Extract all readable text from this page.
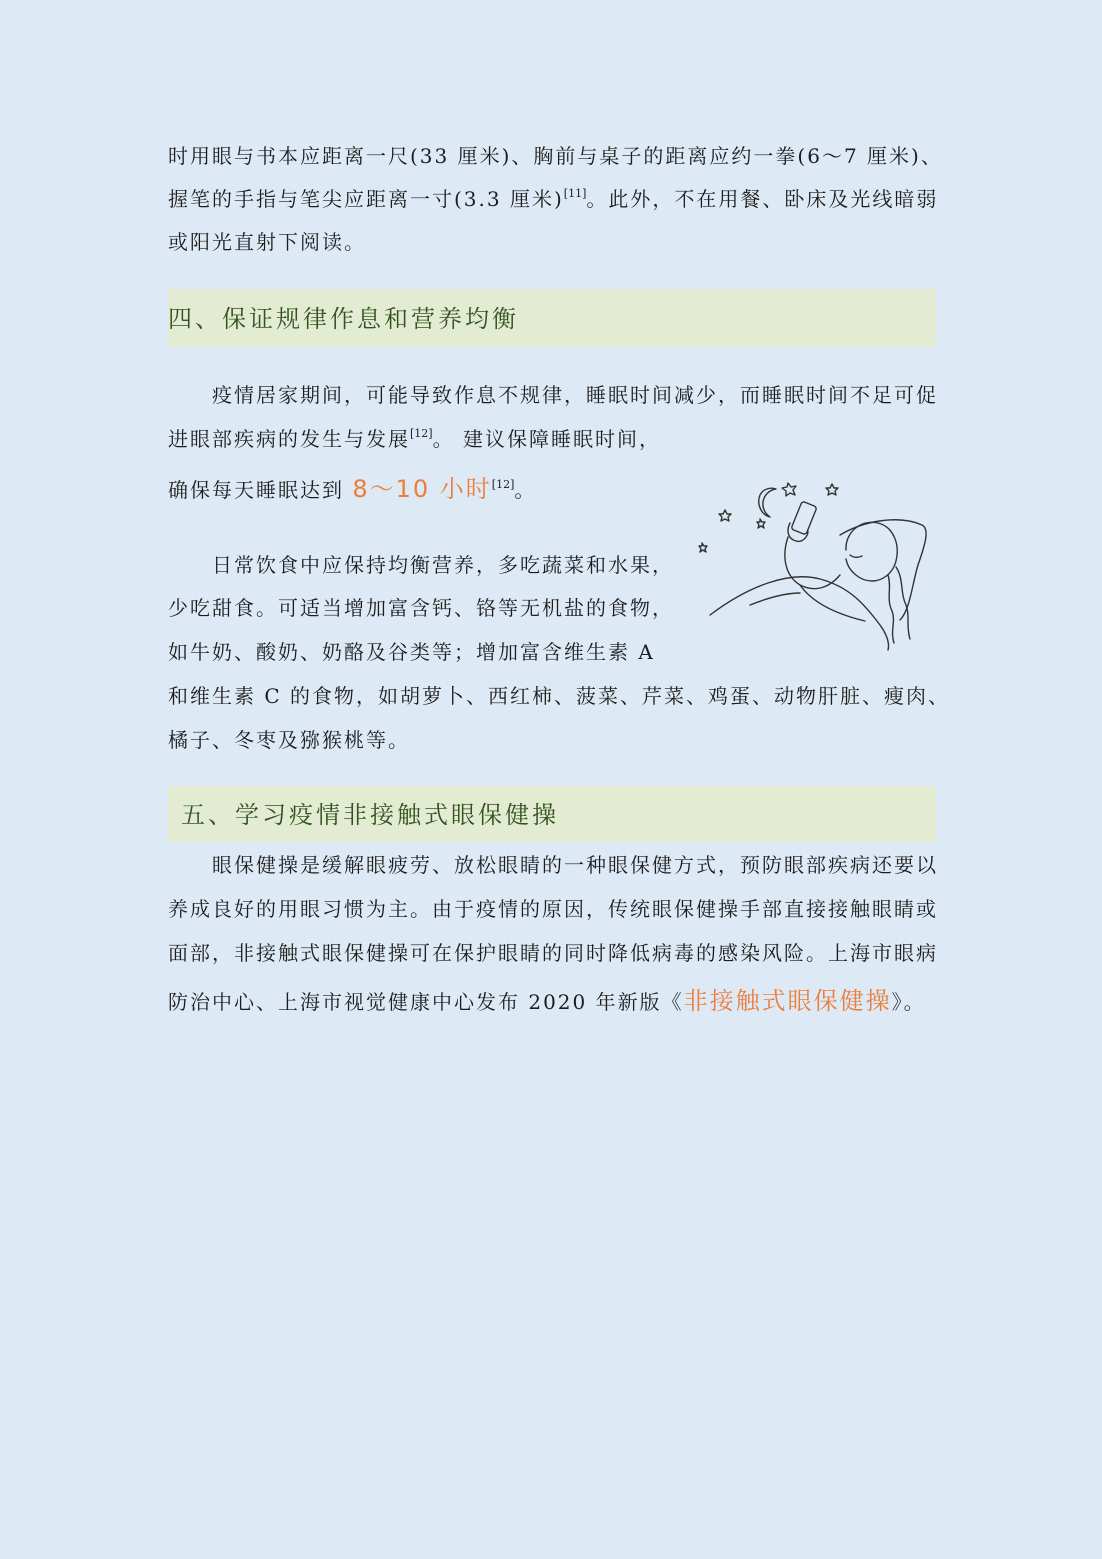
时用眼与书本应距离一尺(33 厘米)、胸前与桌子的距离应约一拳(6～7 厘米)、
握笔的手指与笔尖应距离一寸(3.3 厘米)[11]。此外，不在用餐、卧床及光线暗弱
或阳光直射下阅读。
四、保证规律作息和营养均衡
疫情居家期间，可能导致作息不规律，睡眠时间减少，而睡眠时间不足可促
进眼部疾病的发生与发展[12]。 建议保障睡眠时间，
确保每天睡眠达到 8～10 小时[12]。
日常饮食中应保持均衡营养，多吃蔬菜和水果，
少吃甜食。可适当增加富含钙、铬等无机盐的食物，
如牛奶、酸奶、奶酪及谷类等；增加富含维生素 A
和维生素 C 的食物，如胡萝卜、西红柿、菠菜、芹菜、鸡蛋、动物肝脏、瘦肉、
橘子、冬枣及猕猴桃等。
五、学习疫情非接触式眼保健操
眼保健操是缓解眼疲劳、放松眼睛的一种眼保健方式，预防眼部疾病还要以
养成良好的用眼习惯为主。由于疫情的原因，传统眼保健操手部直接接触眼睛或
面部，非接触式眼保健操可在保护眼睛的同时降低病毒的感染风险。上海市眼病
防治中心、上海市视觉健康中心发布 2020 年新版《非接触式眼保健操》。
